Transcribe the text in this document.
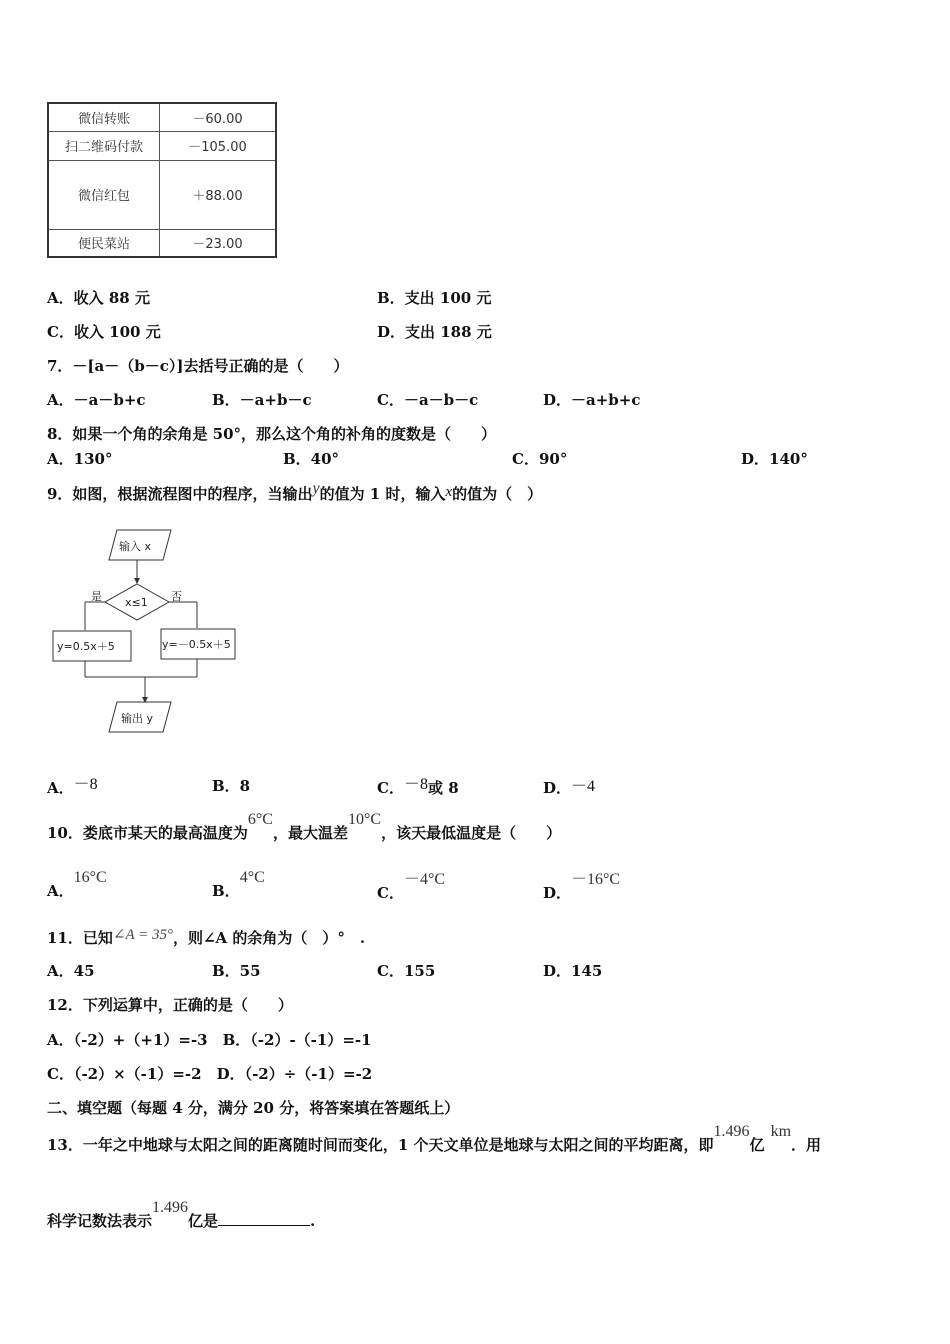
微信转账	－60.00
扫二维码付款	－105.00
微信红包	＋88.00
便民菜站	－23.00
A．收入 88 元	B．支出 100 元
C．收入 100 元	D．支出 188 元
7．－[a－（b－c）]去括号正确的是（　　）
A．－a－b+c	B．－a+b－c	C．－a－b－c	D．－a+b+c
8．如果一个角的余角是 50°，那么这个角的补角的度数是（　　）
A．130°	B．40°	C．90°	D．140°
9．如图，根据流程图中的程序，当输出y的值为 1 时，输入x的值为（　）
输入 x
x≤1
是	否
y=0.5x＋5	y=－0.5x＋5
输出 y
A．－8	B．8	C．－8或 8	D．－4
10．娄底市某天的最高温度为6°C，最大温差10°C，该天最低温度是（　　）
A．16°C
B．4°C
C．－4°C
D．－16°C
11．已知∠A = 35°，则∠A 的余角为（　）°　.
A．45	B．55	C．155	D．145
12．下列运算中，正确的是（　　）
A．（-2）+（+1）=-3　B．（-2）-（-1）=-1
C．（-2）×（-1）=-2　D．（-2）÷（-1）=-2
二、填空题（每题 4 分，满分 20 分，将答案填在答题纸上）
13．一年之中地球与太阳之间的距离随时间而变化，1 个天文单位是地球与太阳之间的平均距离，即1.496亿km．用
科学记数法表示1.496亿是	.
